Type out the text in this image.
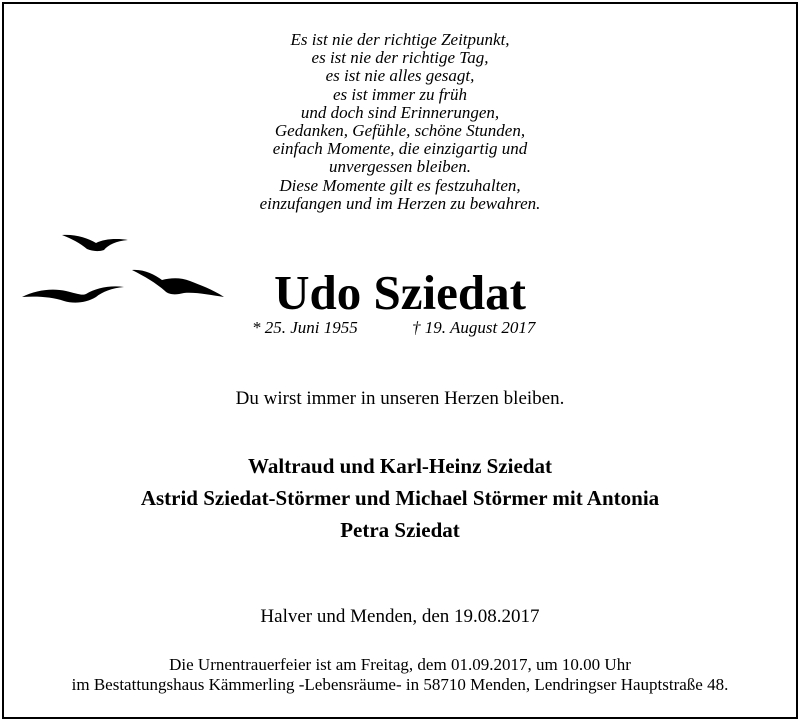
Es ist nie der richtige Zeitpunkt,
es ist nie der richtige Tag,
es ist nie alles gesagt,
es ist immer zu früh
und doch sind Erinnerungen,
Gedanken, Gefühle, schöne Stunden,
einfach Momente, die einzigartig und
unvergessen bleiben.
Diese Momente gilt es festzuhalten,
einzufangen und im Herzen zu bewahren.
Udo Sziedat
* 25. Juni 1955	† 19. August 2017
Du wirst immer in unseren Herzen bleiben.
Waltraud und Karl-Heinz Sziedat
Astrid Sziedat-Störmer und Michael Störmer mit Antonia
Petra Sziedat
Halver und Menden, den 19.08.2017
Die Urnentrauerfeier ist am Freitag, dem 01.09.2017, um 10.00 Uhr
im Bestattungshaus Kämmerling -Lebensräume- in 58710 Menden, Lendringser Hauptstraße 48.
